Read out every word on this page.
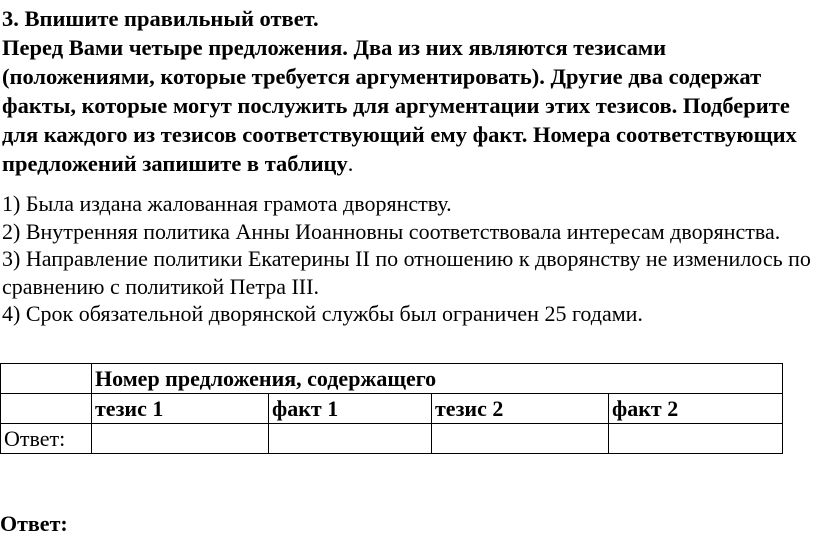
3. Впишите правильный ответ.
Перед Вами четыре предложения. Два из них являются тезисами (положениями, которые требуется аргументировать). Другие два содержат факты, которые могут послужить для аргументации этих тезисов. Подберите для каждого из тезисов соответствующий ему факт. Номера соответствующих предложений запишите в таблицу.

1) Была издана жалованная грамота дворянству.

2) Внутренняя политика Анны Иоанновны соответствовала интересам дворянства.

3) Направление политики Екатерины II по отношению к дворянству не изменилось по сравнению с политикой Петра III.

4) Срок обязательной дворянской службы был ограничен 25 годами.

	Номер предложения, содержащего			
	тезис 1	факт 1	тезис 2	факт 2
Ответ:				
Ответ:
